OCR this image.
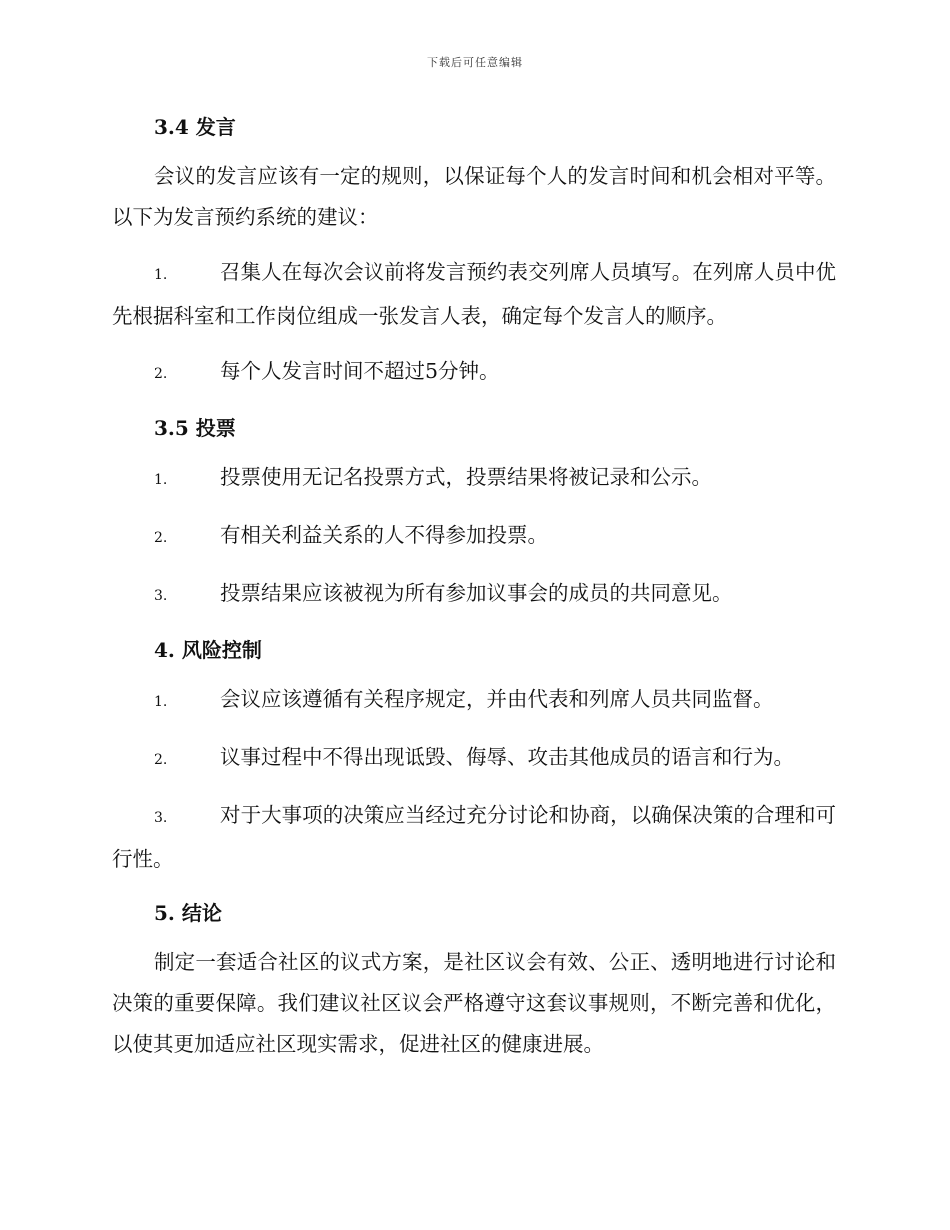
下载后可任意编辑
3.4 发言

会议的发言应该有一定的规则，以保证每个人的发言时间和机会相对平等。以下为发言预约系统的建议：

1.	召集人在每次会议前将发言预约表交列席人员填写。在列席人员中优先根据科室和工作岗位组成一张发言人表，确定每个发言人的顺序。
2.	每个人发言时间不超过5分钟。
3.5 投票
1.	投票使用无记名投票方式，投票结果将被记录和公示。
2.	有相关利益关系的人不得参加投票。
3.	投票结果应该被视为所有参加议事会的成员的共同意见。
4. 风险控制
1.	会议应该遵循有关程序规定，并由代表和列席人员共同监督。
2.	议事过程中不得出现诋毁、侮辱、攻击其他成员的语言和行为。
3.	对于大事项的决策应当经过充分讨论和协商，以确保决策的合理和可行性。
5. 结论

制定一套适合社区的议式方案，是社区议会有效、公正、透明地进行讨论和决策的重要保障。我们建议社区议会严格遵守这套议事规则，不断完善和优化，以使其更加适应社区现实需求，促进社区的健康进展。
